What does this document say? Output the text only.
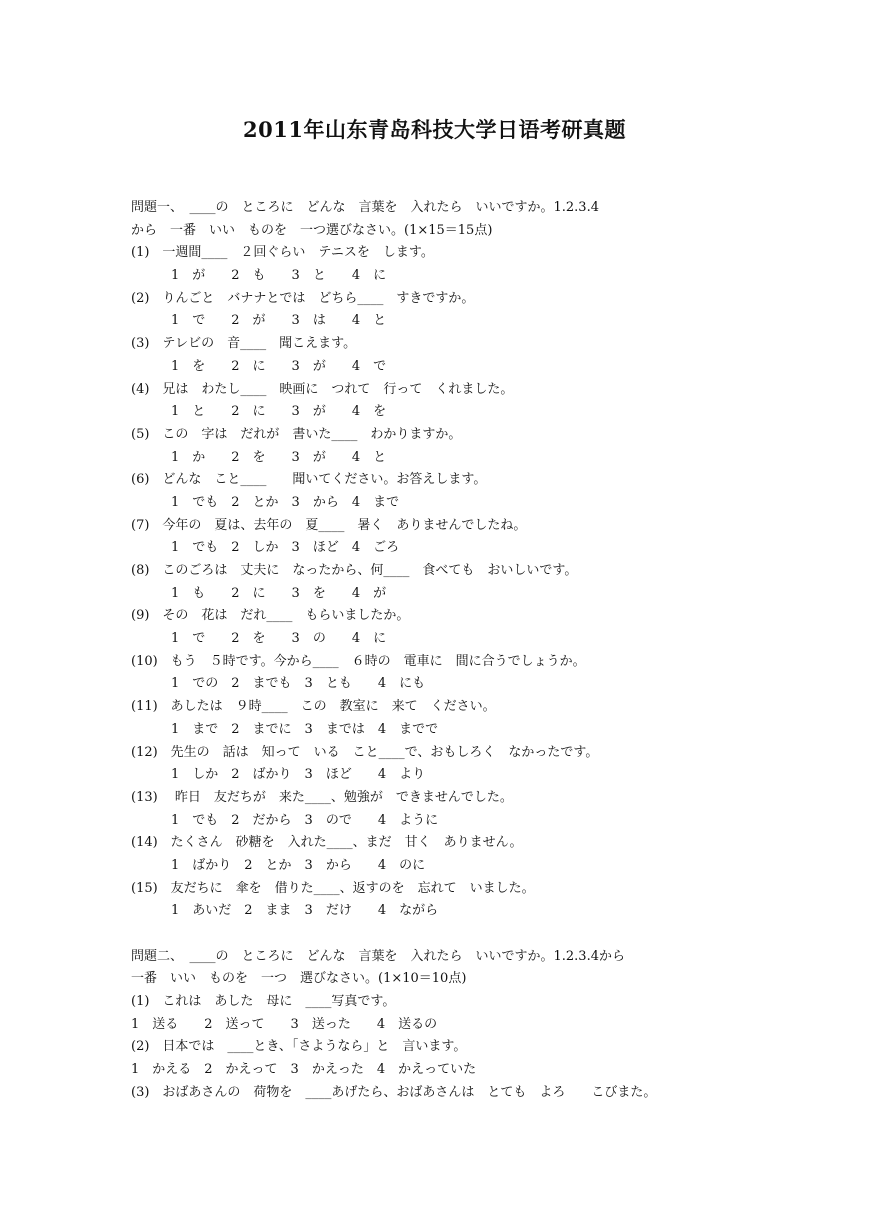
2011年山东青岛科技大学日语考研真题
問題一、　____の　ところに　どんな　言葉を　入れたら　いいですか。1.2.3.4
から　一番　いい　ものを　一つ選びなさい。(1×15＝15点)
(1)　一週間____　２回ぐらい　テニスを　します。
1　が　　2　も　　3　と　　4　に
(2)　りんごと　バナナとでは　どちら____　すきですか。
1　で　　2　が　　3　は　　4　と
(3)　テレビの　音____　聞こえます。
1　を　　2　に　　3　が　　4　で
(4)　兄は　わたし____　映画に　つれて　行って　くれました。
1　と　　2　に　　3　が　　4　を
(5)　この　字は　だれが　書いた____　わかりますか。
1　か　　2　を　　3　が　　4　と
(6)　どんな　こと____　　聞いてください。お答えします。
1　でも　2　とか　3　から　4　まで
(7)　今年の　夏は、去年の　夏____　暑く　ありませんでしたね。
1　でも　2　しか　3　ほど　4　ごろ
(8)　このごろは　丈夫に　なったから、何____　食べても　おいしいです。
1　も　　2　に　　3　を　　4　が
(9)　その　花は　だれ____　もらいましたか。
1　で　　2　を　　3　の　　4　に
(10)　もう　５時です。今から____　６時の　電車に　間に合うでしょうか。
1　での　2　までも　3　とも　　4　にも
(11)　あしたは　９時____　この　教室に　来て　ください。
1　まで　2　までに　3　までは　4　までで
(12)　先生の　話は　知って　いる　こと____で、おもしろく　なかったです。
1　しか　2　ばかり　3　ほど　　4　より
(13)　 昨日　友だちが　来た____、勉強が　できませんでした。
1　でも　2　だから　3　ので　　4　ように
(14)　たくさん　砂糖を　入れた____、まだ　甘く　ありません。
1　ばかり　2　とか　3　から　　4　のに
(15)　友だちに　傘を　借りた____、返すのを　忘れて　いました。
1　あいだ　2　まま　3　だけ　　4　ながら
問題二、　____の　ところに　どんな　言葉を　入れたら　いいですか。1.2.3.4から
一番　いい　ものを　一つ　選びなさい。(1×10＝10点)
(1)　これは　あした　母に　____写真です。
1　送る　　2　送って　　3　送った　　4　送るの
(2)　日本では　____とき、「さようなら」と　言います。
1　かえる　2　かえって　3　かえった　4　かえっていた
(3)　おばあさんの　荷物を　____あげたら、おばあさんは　とても　よろ　　こびまた。
